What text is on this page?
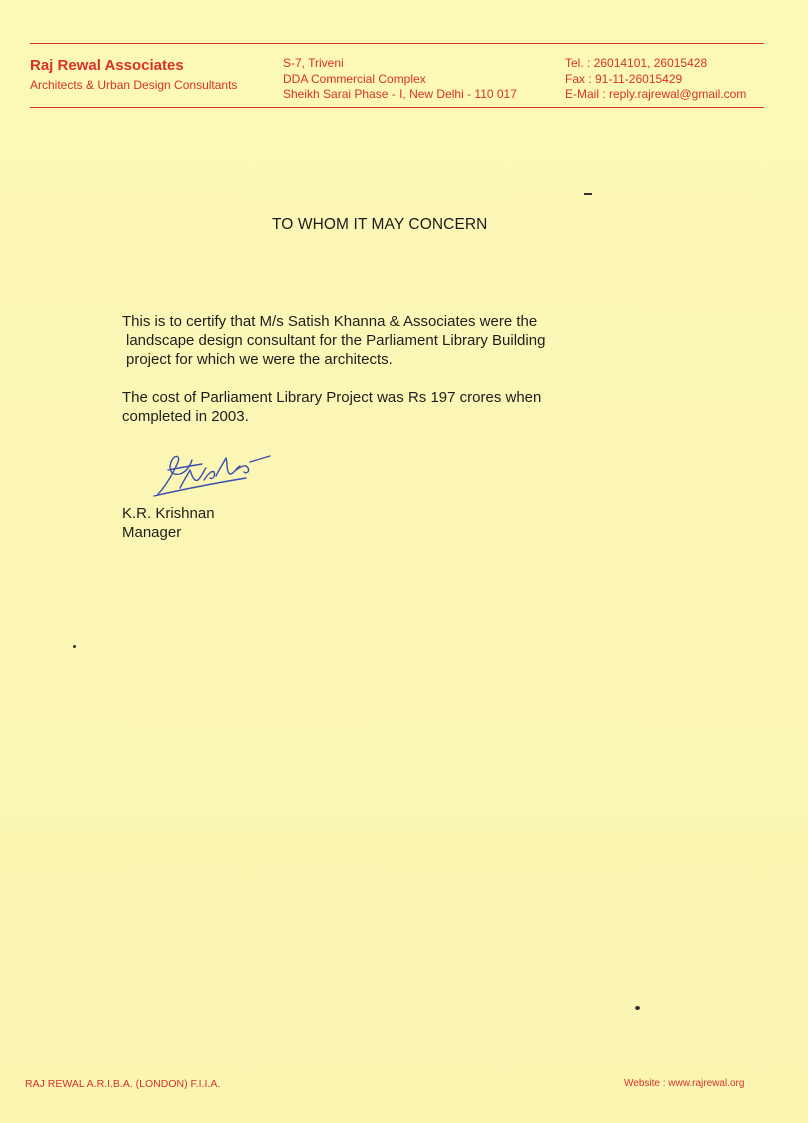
Raj Rewal Associates
Architects & Urban Design Consultants
S-7, Triveni
DDA Commercial Complex
Sheikh Sarai Phase - I, New Delhi - 110 017
Tel. : 26014101, 26015428
Fax : 91-11-26015429
E-Mail : reply.rajrewal@gmail.com
TO WHOM IT MAY CONCERN
This is to certify that M/s Satish Khanna & Associates were the
landscape design consultant for the Parliament Library Building
project for which we were the architects.
The cost of Parliament Library Project was Rs 197 crores when
completed in 2003.
K.R. Krishnan
Manager
RAJ REWAL A.R.I.B.A. (LONDON) F.I.I.A.	Website : www.rajrewal.org
